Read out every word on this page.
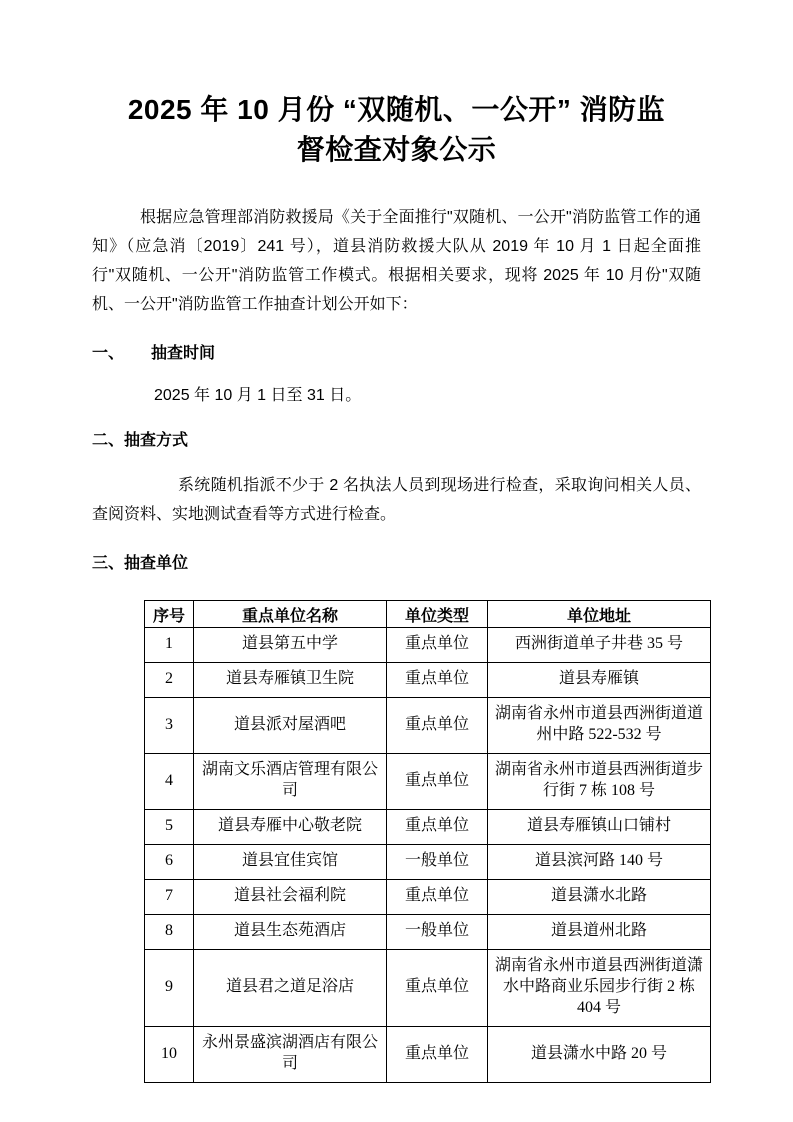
2025 年 10 月份 “双随机、一公开” 消防监督检查对象公示

根据应急管理部消防救援局《关于全面推行"双随机、一公开"消防监管工作的通知》（应急消〔2019〕241 号），道县消防救援大队从 2019 年 10 月 1 日起全面推行"双随机、一公开"消防监管工作模式。根据相关要求，现将 2025 年 10 月份"双随机、一公开"消防监管工作抽查计划公开如下：

一、 抽查时间

2025 年 10 月 1 日至 31 日。

二、抽查方式

系统随机指派不少于 2 名执法人员到现场进行检查，采取询问相关人员、查阅资料、实地测试查看等方式进行检查。

三、抽查单位
序号	重点单位名称	单位类型	单位地址
1	道县第五中学	重点单位	西洲街道单子井巷 35 号
2	道县寿雁镇卫生院	重点单位	道县寿雁镇
3	道县派对屋酒吧	重点单位	湖南省永州市道县西洲街道道州中路 522-532 号
4	湖南文乐酒店管理有限公司	重点单位	湖南省永州市道县西洲街道步行街 7 栋 108 号
5	道县寿雁中心敬老院	重点单位	道县寿雁镇山口铺村
6	道县宜佳宾馆	一般单位	道县滨河路 140 号
7	道县社会福利院	重点单位	道县潇水北路
8	道县生态苑酒店	一般单位	道县道州北路
9	道县君之道足浴店	重点单位	湖南省永州市道县西洲街道潇水中路商业乐园步行街 2 栋 404 号
10	永州景盛滨湖酒店有限公司	重点单位	道县潇水中路 20 号
